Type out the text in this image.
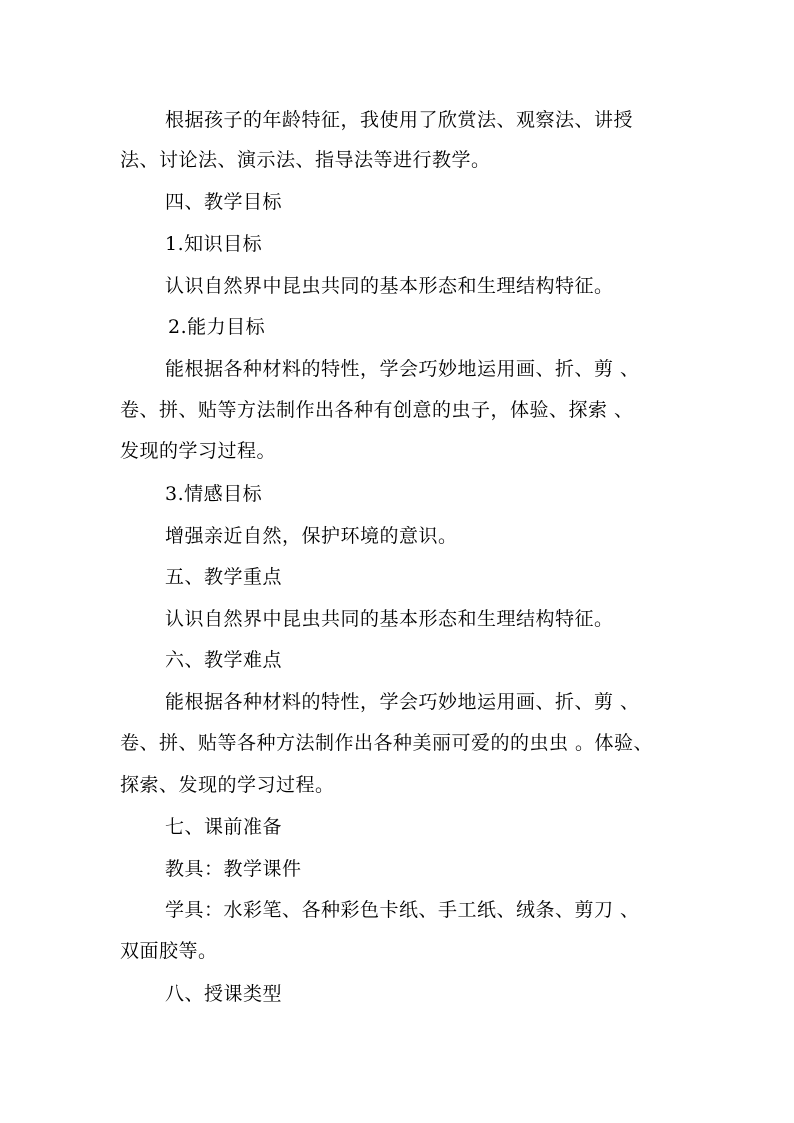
根据孩子的年龄特征，我使用了欣赏法、观察法、讲授
法、讨论法、演示法、指导法等进行教学。
四、教学目标
1.知识目标
认识自然界中昆虫共同的基本形态和生理结构特征。
2.能力目标
能根据各种材料的特性，学会巧妙地运用画、折、剪 、
卷、拼、贴等方法制作出各种有创意的虫子，体验、探索 、
发现的学习过程。
3.情感目标
增强亲近自然，保护环境的意识。
五、教学重点
认识自然界中昆虫共同的基本形态和生理结构特征。
六、教学难点
能根据各种材料的特性，学会巧妙地运用画、折、剪 、
卷、拼、贴等各种方法制作出各种美丽可爱的的虫虫 。体验、
探索、发现的学习过程。
七、课前准备
教具：教学课件
学具：水彩笔、各种彩色卡纸、手工纸、绒条、剪刀 、
双面胶等。
八、授课类型
